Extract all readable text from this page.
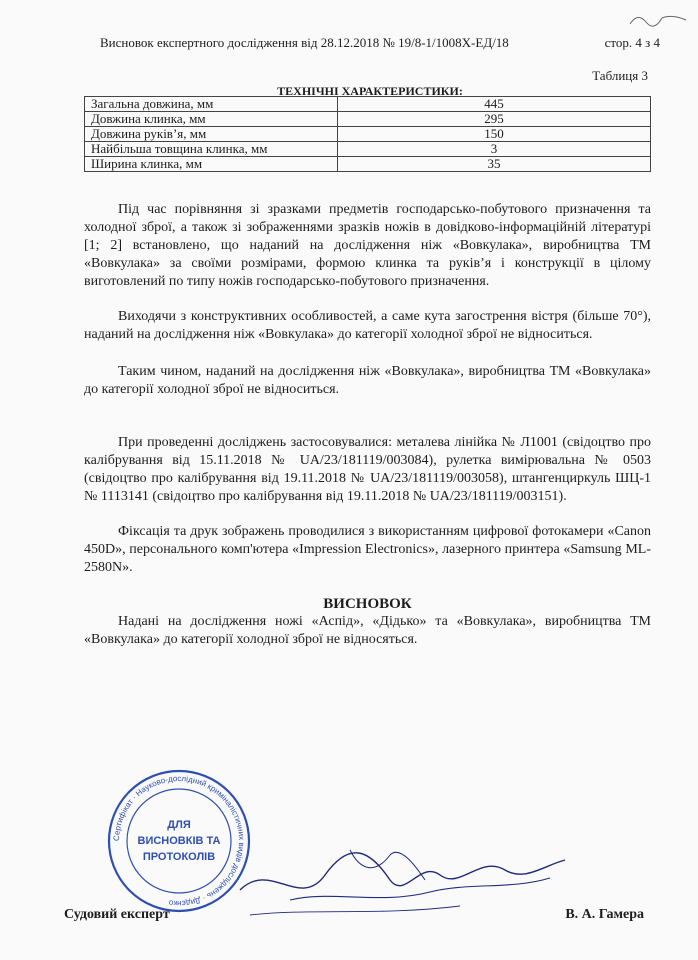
Висновок експертного дослідження від 28.12.2018 № 19/8-1/1008Х-ЕД/18	стор. 4 з 4
Таблиця 3
ТЕХНІЧНІ ХАРАКТЕРИСТИКИ:
Загальна довжина, мм	445
Довжина клинка, мм	295
Довжина руків’я, мм	150
Найбільша товщина клинка, мм	3
Ширина клинка, мм	35
Під час порівняння зі зразками предметів господарсько-побутового призначення та холодної зброї, а також зі зображеннями зразків ножів в довідково-інформаційній літературі [1; 2] встановлено, що наданий на дослідження ніж «Вовкулака», виробництва ТМ «Вовкулака» за своїми розмірами, формою клинка та руків’я і конструкції в цілому виготовлений по типу ножів господарсько-побутового призначення.
Виходячи з конструктивних особливостей, а саме кута загострення вістря (більше 70°), наданий на дослідження ніж «Вовкулака» до категорії холодної зброї не відноситься.
Таким чином, наданий на дослідження ніж «Вовкулака», виробництва ТМ «Вовкулака» до категорії холодної зброї не відноситься.
При проведенні досліджень застосовувалися: металева лінійка № Л1001 (свідоцтво про калібрування від 15.11.2018 № UA/23/181119/003084), рулетка вимірювальна № 0503 (свідоцтво про калібрування від 19.11.2018 № UA/23/181119/003058), штангенциркуль ШЦ-1 № 1113141 (свідоцтво про калібрування від 19.11.2018 № UA/23/181119/003151).
Фіксація та друк зображень проводилися з використанням цифрової фотокамери «Canon 450D», персонального комп'ютера «Impression Electronics», лазерного принтера «Samsung ML-2580N».
ВИСНОВОК
Надані на дослідження ножі «Аспід», «Дідько» та «Вовкулака», виробництва ТМ «Вовкулака» до категорії холодної зброї не відносяться.
Сертифікат · Науково-дослідний криміналістичних видів досліджень · Дидєнко
ДЛЯ
ВИСНОВКІВ ТА
ПРОТОКОЛІВ
Судовий експерт	В. А. Гамера
